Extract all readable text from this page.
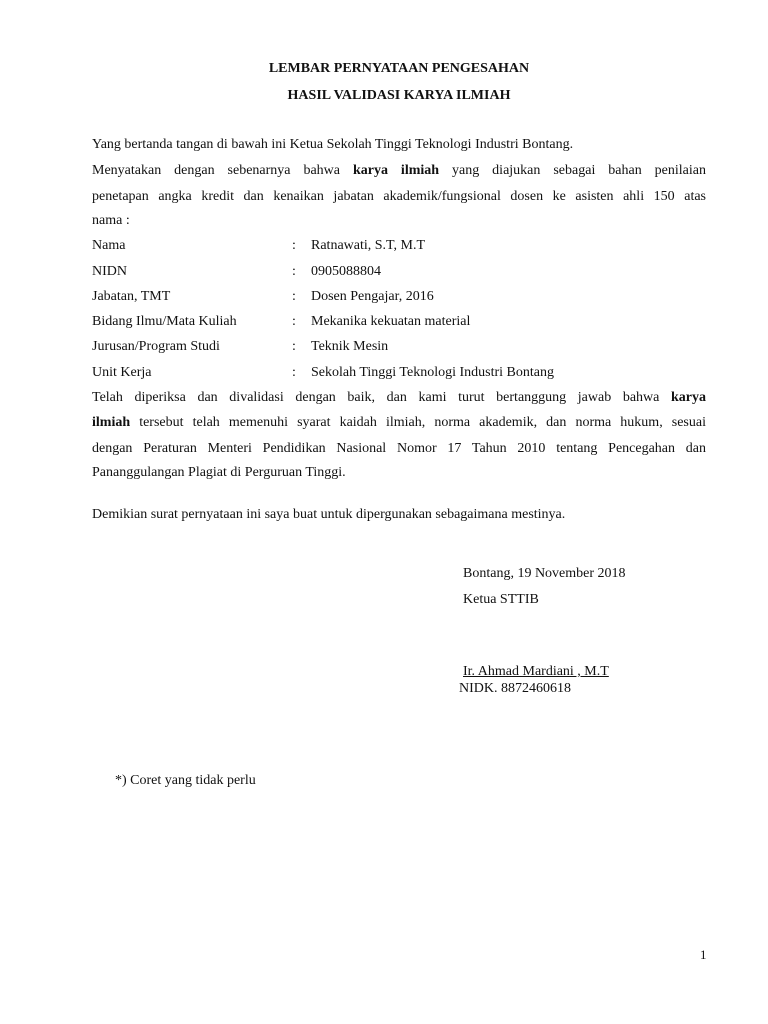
LEMBAR PERNYATAAN PENGESAHAN
HASIL VALIDASI KARYA ILMIAH
Yang bertanda tangan di bawah ini Ketua Sekolah Tinggi Teknologi Industri Bontang.
Menyatakan dengan sebenarnya bahwa karya ilmiah yang diajukan sebagai bahan penilaian
penetapan angka kredit dan kenaikan jabatan akademik/fungsional dosen ke asisten ahli 150 atas
nama :
Nama	: Ratnawati, S.T, M.T
NIDN	: 0905088804
Jabatan, TMT	: Dosen Pengajar, 2016
Bidang Ilmu/Mata Kuliah	: Mekanika kekuatan material
Jurusan/Program Studi	: Teknik Mesin
Unit Kerja	: Sekolah Tinggi Teknologi Industri Bontang
Telah diperiksa dan divalidasi dengan baik, dan kami turut bertanggung jawab bahwa karya
ilmiah tersebut telah memenuhi syarat kaidah ilmiah, norma akademik, dan norma hukum, sesuai
dengan Peraturan Menteri Pendidikan Nasional Nomor 17 Tahun 2010 tentang Pencegahan dan
Pananggulangan Plagiat di Perguruan Tinggi.
Demikian surat pernyataan ini saya buat untuk dipergunakan sebagaimana mestinya.
Bontang, 19 November 2018
Ketua STTIB
Ir. Ahmad Mardiani , M.T
NIDK. 8872460618
*) Coret yang tidak perlu
1
